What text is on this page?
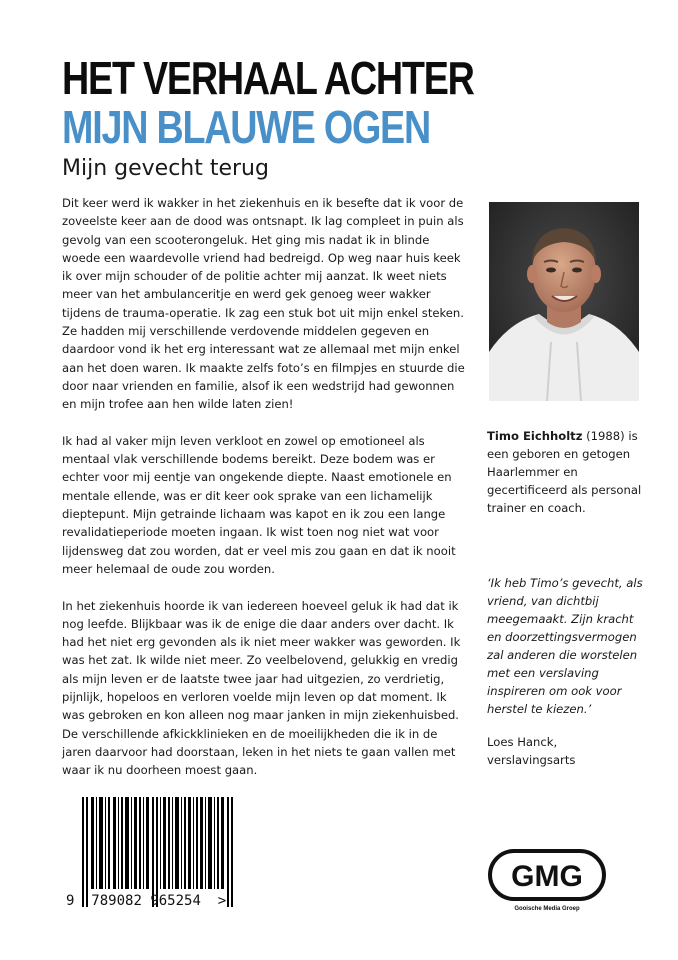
HET VERHAAL ACHTER
MIJN BLAUWE OGEN
Mijn gevecht terug

Dit keer werd ik wakker in het ziekenhuis en ik besefte dat ik voor de zoveelste keer aan de dood was ontsnapt. Ik lag compleet in puin als gevolg van een scooterongeluk. Het ging mis nadat ik in blinde woede een waardevolle vriend had bedreigd. Op weg naar huis keek ik over mijn schouder of de politie achter mij aanzat. Ik weet niets meer van het ambulanceritje en werd gek genoeg weer wakker tijdens de trauma-operatie. Ik zag een stuk bot uit mijn enkel steken. Ze hadden mij verschillende verdovende middelen gegeven en daardoor vond ik het erg interessant wat ze allemaal met mijn enkel aan het doen waren. Ik maakte zelfs foto’s en filmpjes en stuurde die door naar vrienden en familie, alsof ik een wedstrijd had gewonnen en mijn trofee aan hen wilde laten zien!

Ik had al vaker mijn leven verkloot en zowel op emotioneel als mentaal vlak verschillende bodems bereikt. Deze bodem was er echter voor mij eentje van ongekende diepte. Naast emotionele en mentale ellende, was er dit keer ook sprake van een lichamelijk dieptepunt. Mijn getrainde lichaam was kapot en ik zou een lange revalidatieperiode moeten ingaan. Ik wist toen nog niet wat voor lijdensweg dat zou worden, dat er veel mis zou gaan en dat ik nooit meer helemaal de oude zou worden.

In het ziekenhuis hoorde ik van iedereen hoeveel geluk ik had dat ik nog leefde. Blijkbaar was ik de enige die daar anders over dacht. Ik had het niet erg gevonden als ik niet meer wakker was geworden. Ik was het zat. Ik wilde niet meer. Zo veelbelovend, gelukkig en vredig als mijn leven er de laatste twee jaar had uitgezien, zo verdrietig, pijnlijk, hopeloos en verloren voelde mijn leven op dat moment. Ik was gebroken en kon alleen nog maar janken in mijn ziekenhuisbed. De verschillende afkickklinieken en de moeilijkheden die ik in de jaren daarvoor had doorstaan, leken in het niets te gaan vallen met waar ik nu doorheen moest gaan.

Timo Eichholtz (1988) is een geboren en getogen Haarlemmer en gecertificeerd als personal trainer en coach.
‘Ik heb Timo’s gevecht, als vriend, van dichtbij meegemaakt. Zijn kracht en doorzettingsvermogen zal anderen die worstelen met een verslaving inspireren om ook voor herstel te kiezen.’
Loes Hanck,
verslavingsarts
9 789082 965254 >
GMG
Gooische Media Groep
